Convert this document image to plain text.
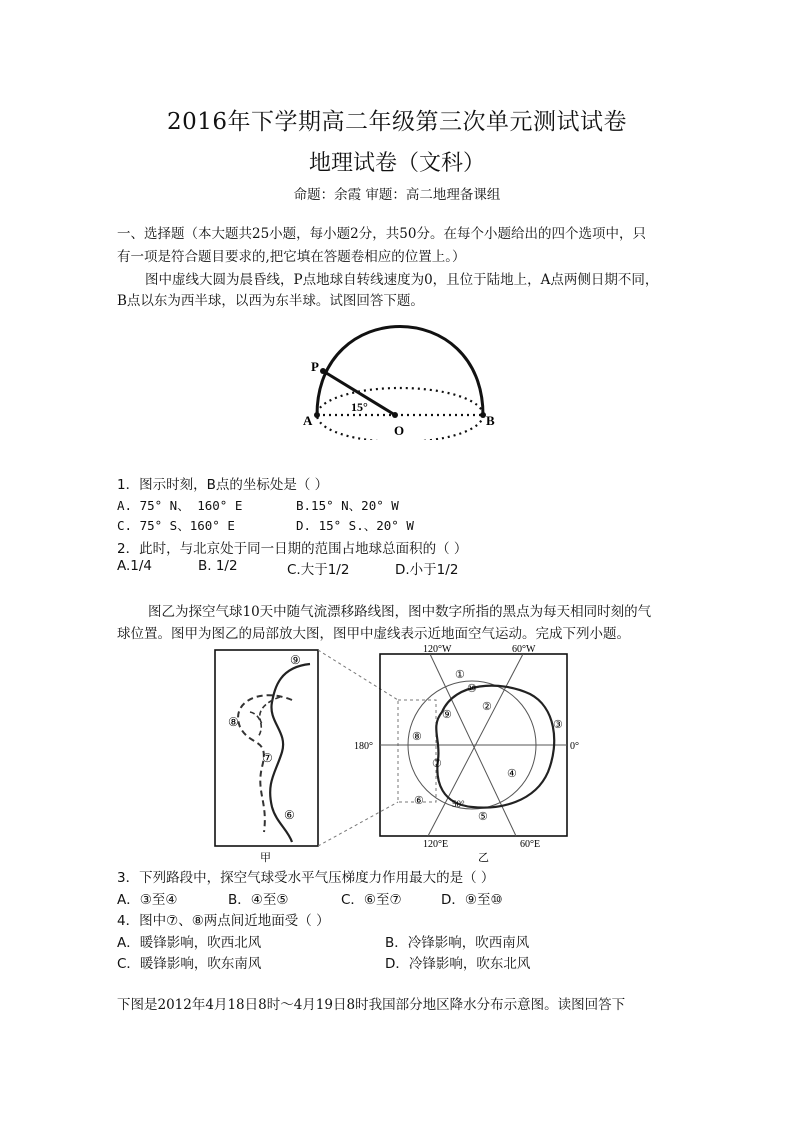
2016年下学期高二年级第三次单元测试试卷
地理试卷（文科）
命题：余霞 审题：高二地理备课组
一、选择题（本大题共25小题，每小题2分，共50分。在每个小题给出的四个选项中，只
有一项是符合题目要求的,把它填在答题卷相应的位置上。）
图中虚线大圆为晨昏线，P点地球自转线速度为0，且位于陆地上，A点两侧日期不同，
B点以东为西半球，以西为东半球。试图回答下题。
P
A
O
B
15°
1．图示时刻，B点的坐标处是（ ）
A. 75° N、 160° E	B.15° N、20° W
C. 75° S、160° E	D. 15° S.、20° W
2．此时，与北京处于同一日期的范围占地球总面积的（ ）
A.1/4	B. 1/2	C.大于1/2	D.小于1/2
图乙为探空气球10天中随气流漂移路线图，图中数字所指的黑点为每天相同时刻的气
球位置。图甲为图乙的局部放大图，图甲中虚线表示近地面空气运动。完成下列小题。
⑨
⑧
⑦
⑥
甲
120°W	60°W
120°E	60°E
180°	0°
50°
①
⑩
②
⑨
③
⑧
⑦
④
⑥
⑤
乙
3．下列路段中，探空气球受水平气压梯度力作用最大的是（ ）
A．③至④	B．④至⑤	C．⑥至⑦	D．⑨至⑩
4．图中⑦、⑧两点间近地面受（ ）
A．暖锋影响，吹西北风	B．冷锋影响，吹西南风
C．暖锋影响，吹东南风	D．冷锋影响，吹东北风
下图是2012年4月18日8时～4月19日8时我国部分地区降水分布示意图。读图回答下
